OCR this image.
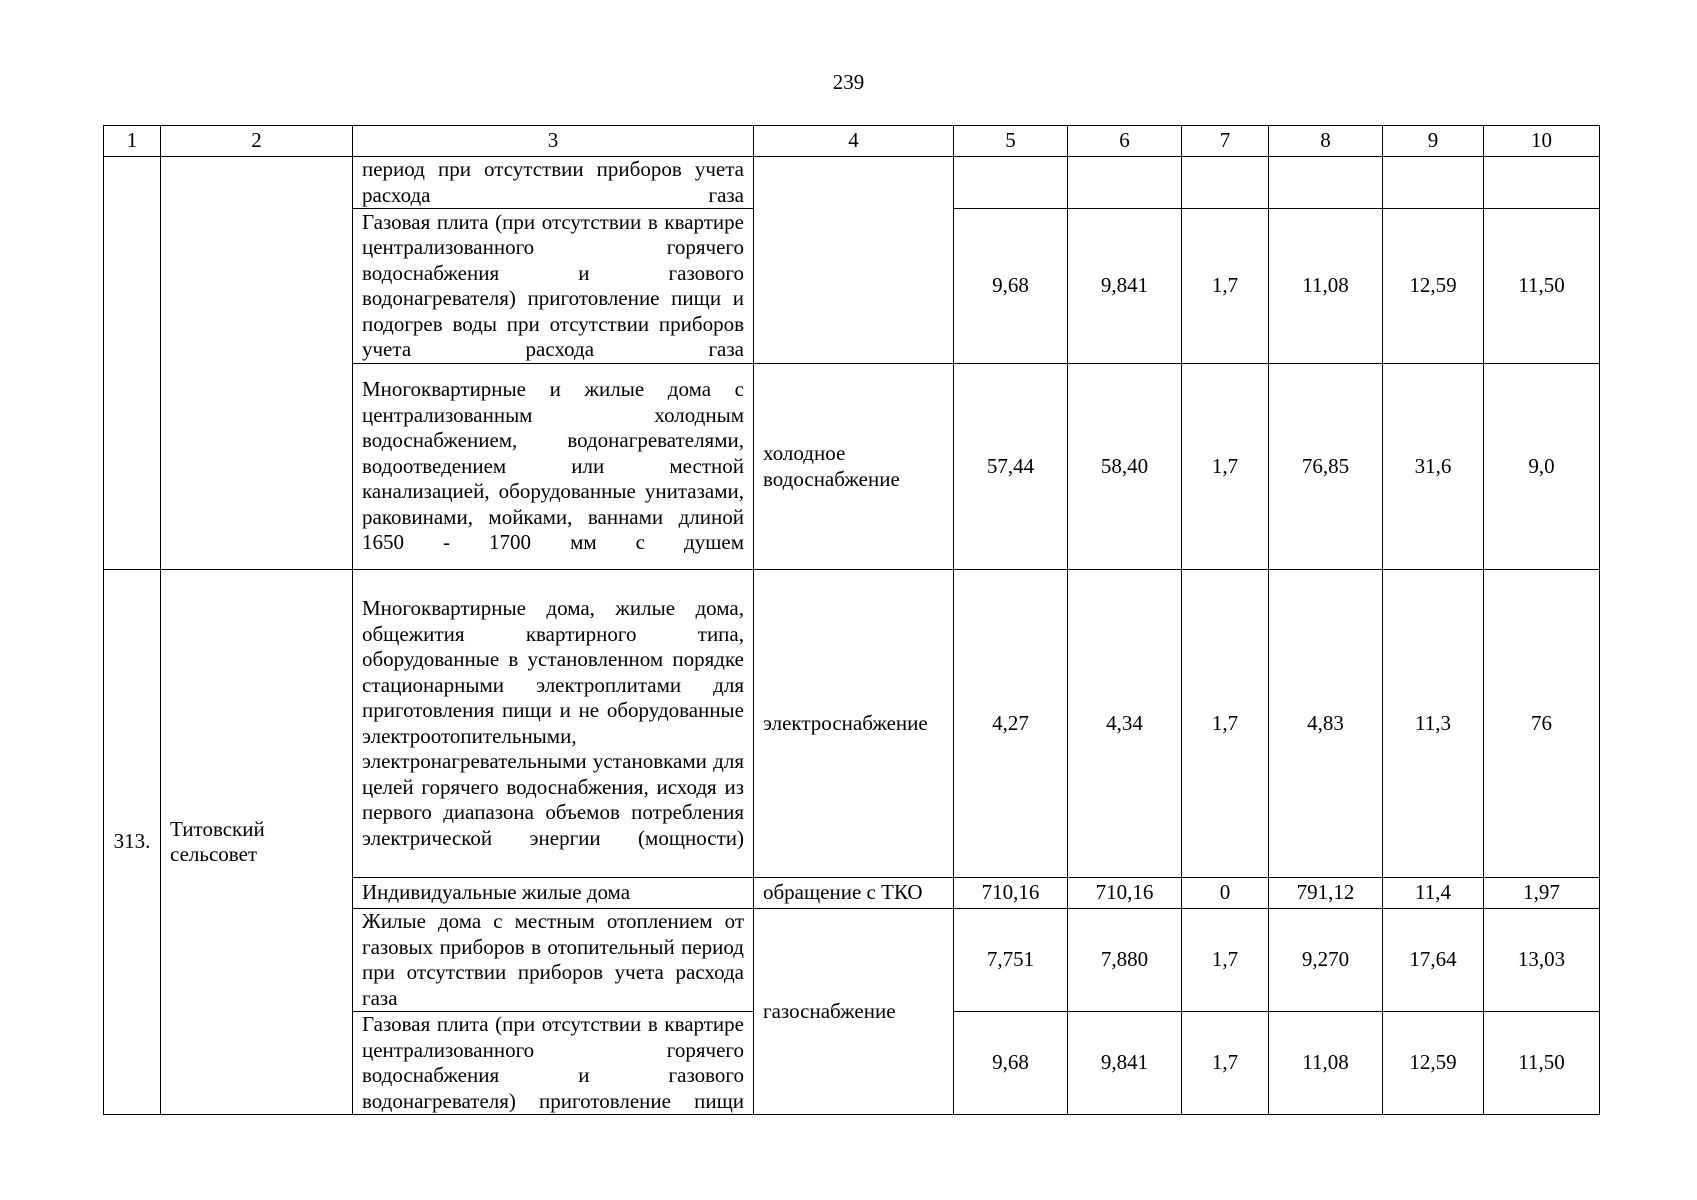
239
1	2	3	4	5	6	7	8	9	10
		период при отсутствии приборов учета расхода газа							
		Газовая плита (при отсутствии в квартире централизованного горячего водоснабжения и газового водонагревателя) приготовление пищи и подогрев воды при отсутствии приборов учета расхода газа		9,68	9,841	1,7	11,08	12,59	11,50
		Многоквартирные и жилые дома с централизованным холодным водоснабжением, водонагревателями, водоотведением или местной канализацией, оборудованные унитазами, раковинами, мойками, ваннами длиной 1650 - 1700 мм с душем	холодное водоснабжение	57,44	58,40	1,7	76,85	31,6	9,0
313.	Титовский сельсовет	Многоквартирные дома, жилые дома, общежития квартирного типа, оборудованные в установленном порядке стационарными электроплитами для приготовления пищи и не оборудованные электроотопительными, электронагревательными установками для целей горячего водоснабжения, исходя из первого диапазона объемов потребления электрической энергии (мощности)	электроснабжение	4,27	4,34	1,7	4,83	11,3	76
		Индивидуальные жилые дома	обращение с ТКО	710,16	710,16	0	791,12	11,4	1,97
		Жилые дома с местным отоплением от газовых приборов в отопительный период при отсутствии приборов учета расхода газа	газоснабжение	7,751	7,880	1,7	9,270	17,64	13,03
		Газовая плита (при отсутствии в квартире централизованного горячего водоснабжения и газового водонагревателя) приготовление пищи		9,68	9,841	1,7	11,08	12,59	11,50
